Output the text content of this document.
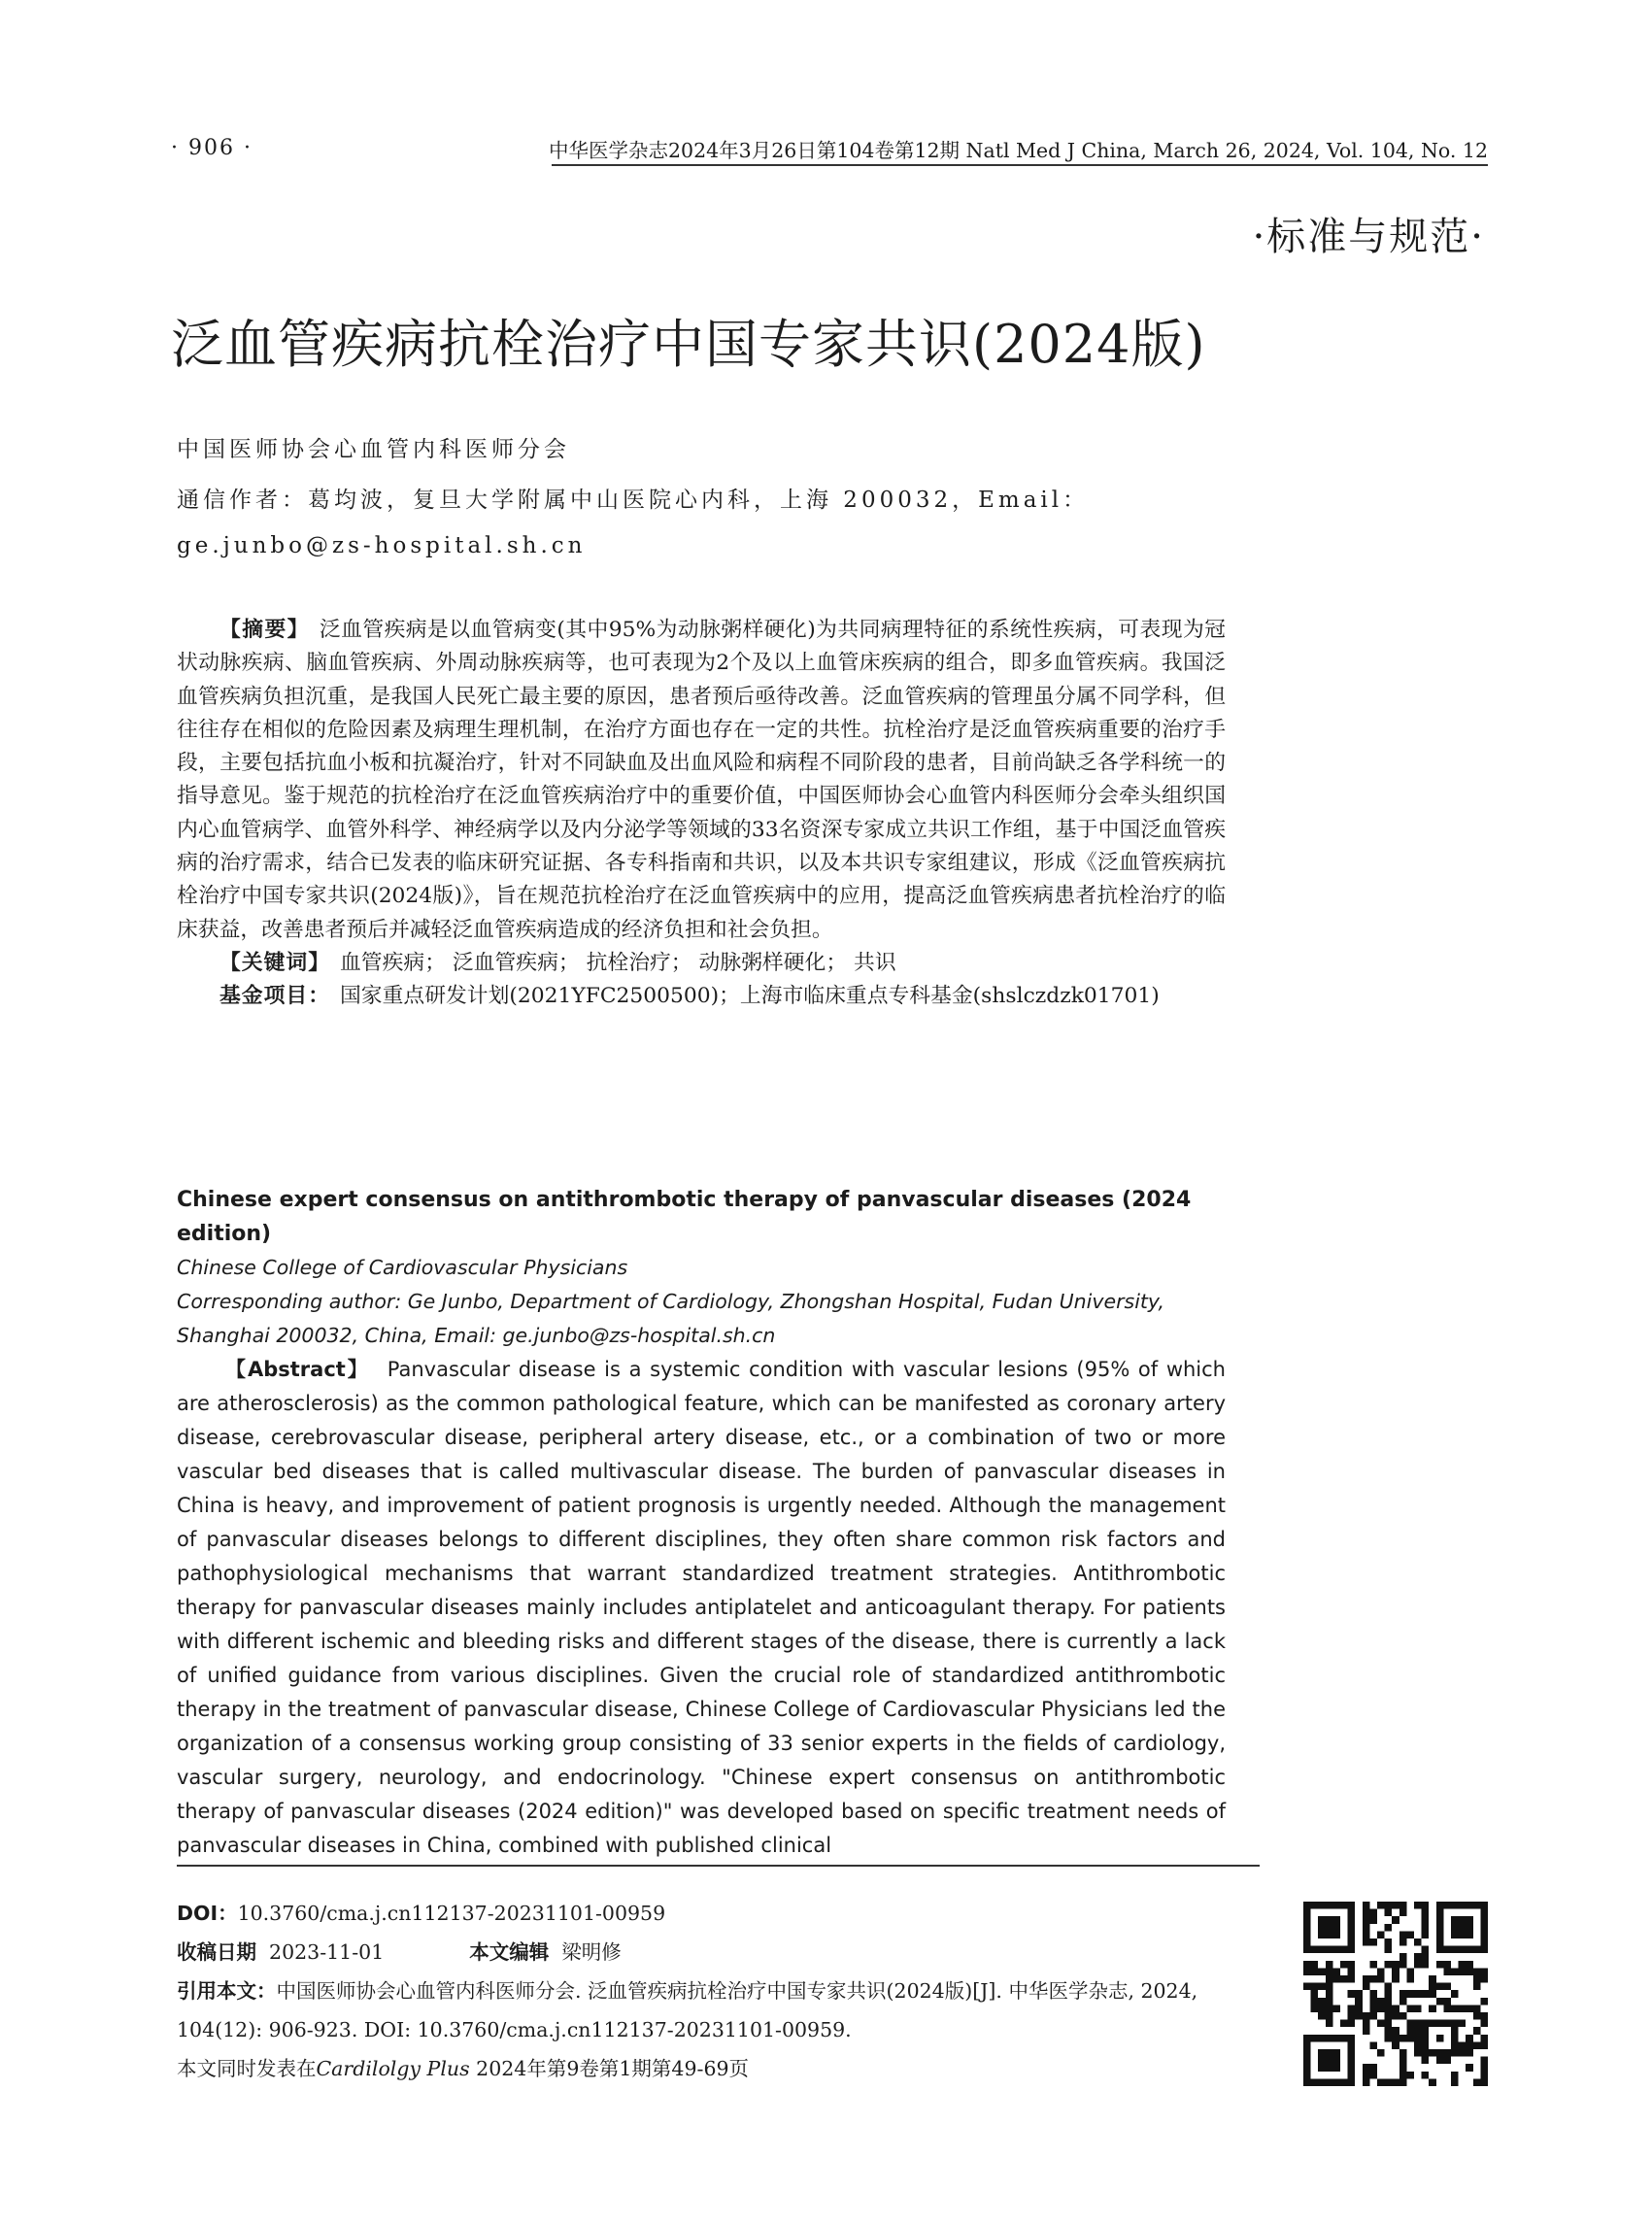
· 906 ·	中华医学杂志2024年3月26日第104卷第12期 Natl Med J China, March 26, 2024, Vol. 104, No. 12
·标准与规范·
泛血管疾病抗栓治疗中国专家共识(2024版)
中国医师协会心血管内科医师分会
通信作者：葛均波，复旦大学附属中山医院心内科，上海 200032，Email：ge.junbo@zs-hospital.sh.cn

【摘要】 泛血管疾病是以血管病变(其中95%为动脉粥样硬化)为共同病理特征的系统性疾病，可表现为冠状动脉疾病、脑血管疾病、外周动脉疾病等，也可表现为2个及以上血管床疾病的组合，即多血管疾病。我国泛血管疾病负担沉重，是我国人民死亡最主要的原因，患者预后亟待改善。泛血管疾病的管理虽分属不同学科，但往往存在相似的危险因素及病理生理机制，在治疗方面也存在一定的共性。抗栓治疗是泛血管疾病重要的治疗手段，主要包括抗血小板和抗凝治疗，针对不同缺血及出血风险和病程不同阶段的患者，目前尚缺乏各学科统一的指导意见。鉴于规范的抗栓治疗在泛血管疾病治疗中的重要价值，中国医师协会心血管内科医师分会牵头组织国内心血管病学、血管外科学、神经病学以及内分泌学等领域的33名资深专家成立共识工作组，基于中国泛血管疾病的治疗需求，结合已发表的临床研究证据、各专科指南和共识，以及本共识专家组建议，形成《泛血管疾病抗栓治疗中国专家共识(2024版)》，旨在规范抗栓治疗在泛血管疾病中的应用，提高泛血管疾病患者抗栓治疗的临床获益，改善患者预后并减轻泛血管疾病造成的经济负担和社会负担。

【关键词】 血管疾病； 泛血管疾病； 抗栓治疗； 动脉粥样硬化； 共识

基金项目： 国家重点研发计划(2021YFC2500500)；上海市临床重点专科基金(shslczdzk01701)

Chinese expert consensus on antithrombotic therapy of panvascular diseases (2024 edition)

Chinese College of Cardiovascular Physicians

Corresponding author: Ge Junbo, Department of Cardiology, Zhongshan Hospital, Fudan University, Shanghai 200032, China, Email: ge.junbo@zs-hospital.sh.cn

【Abstract】 Panvascular disease is a systemic condition with vascular lesions (95% of which are atherosclerosis) as the common pathological feature, which can be manifested as coronary artery disease, cerebrovascular disease, peripheral artery disease, etc., or a combination of two or more vascular bed diseases that is called multivascular disease. The burden of panvascular diseases in China is heavy, and improvement of patient prognosis is urgently needed. Although the management of panvascular diseases belongs to different disciplines, they often share common risk factors and pathophysiological mechanisms that warrant standardized treatment strategies. Antithrombotic therapy for panvascular diseases mainly includes antiplatelet and anticoagulant therapy. For patients with different ischemic and bleeding risks and different stages of the disease, there is currently a lack of unified guidance from various disciplines. Given the crucial role of standardized antithrombotic therapy in the treatment of panvascular disease, Chinese College of Cardiovascular Physicians led the organization of a consensus working group consisting of 33 senior experts in the fields of cardiology, vascular surgery, neurology, and endocrinology. "Chinese expert consensus on antithrombotic therapy of panvascular diseases (2024 edition)" was developed based on specific treatment needs of panvascular diseases in China, combined with published clinical

DOI：10.3760/cma.j.cn112137-20231101-00959
收稿日期 2023-11-01	本文编辑 梁明修
引用本文：中国医师协会心血管内科医师分会. 泛血管疾病抗栓治疗中国专家共识(2024版)[J]. 中华医学杂志, 2024, 104(12): 906-923. DOI: 10.3760/cma.j.cn112137-20231101-00959.
本文同时发表在Cardilolgy Plus 2024年第9卷第1期第49-69页
